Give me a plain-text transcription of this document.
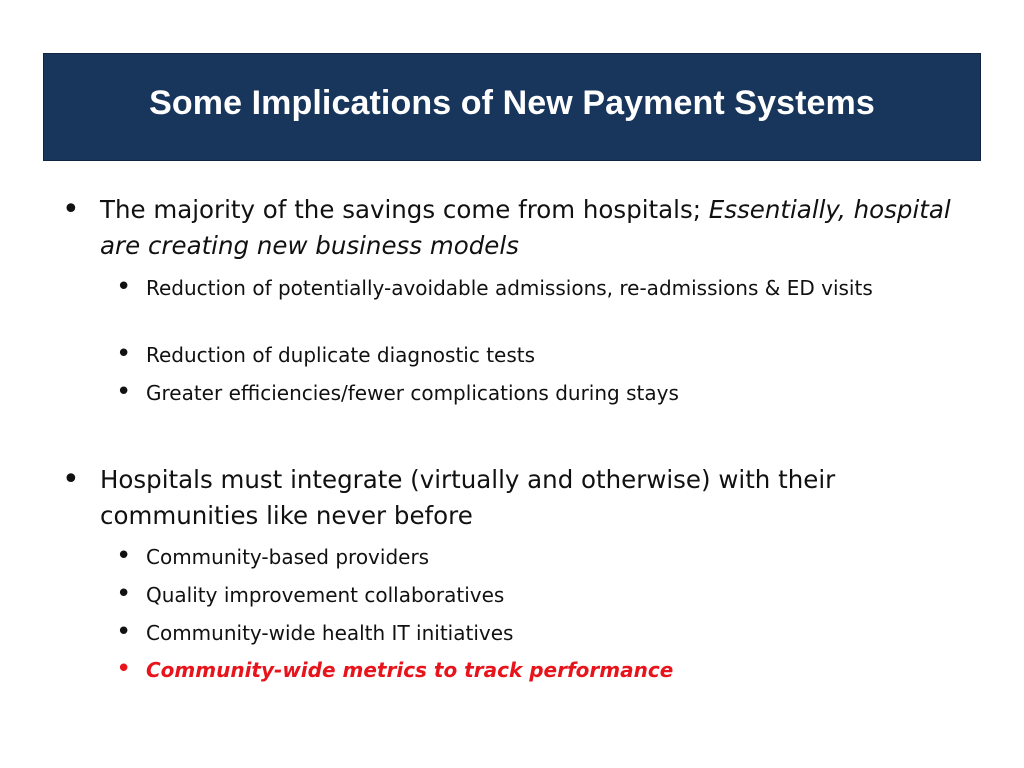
Some Implications of New Payment Systems
• The majority of the savings come from hospitals; Essentially, hospital are creating new business models
• Reduction of potentially-avoidable admissions, re-admissions & ED visits
• Reduction of duplicate diagnostic tests
• Greater efficiencies/fewer complications during stays
• Hospitals must integrate (virtually and otherwise) with their communities like never before
• Community-based providers
• Quality improvement collaboratives
• Community-wide health IT initiatives
• Community-wide metrics to track performance
